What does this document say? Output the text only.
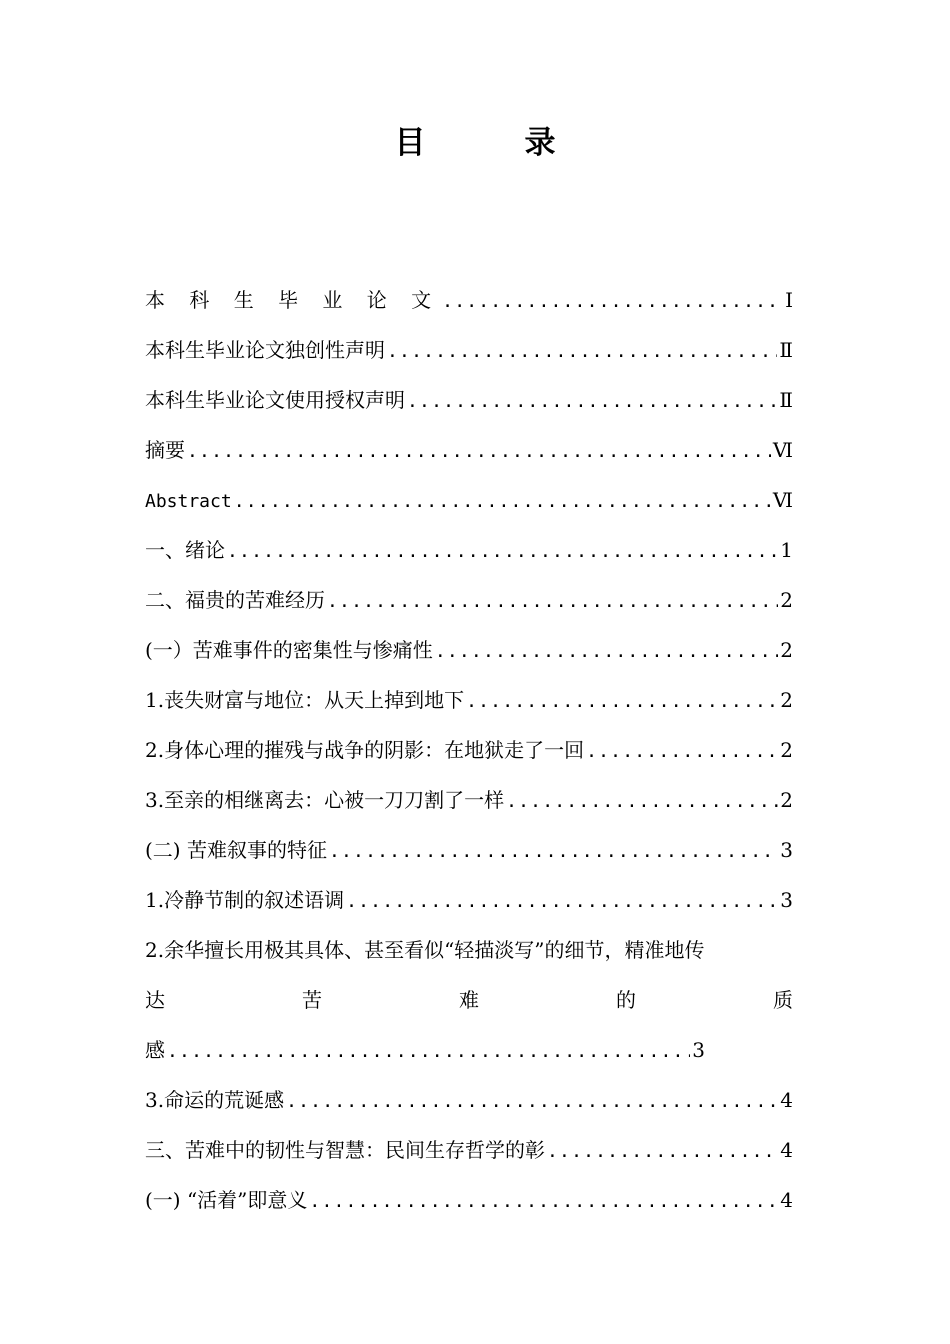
目　录
本 科 生 毕 业 论 文 .....	Ⅰ
本科生毕业论文独创性声明 .....	Ⅱ
本科生毕业论文使用授权声明 .....	Ⅱ
摘要 .....	Ⅵ
Abstract .....	Ⅵ
一、绪论 .....	1
二、福贵的苦难经历 .....	2
(一）苦难事件的密集性与惨痛性 .....	2
1.丧失财富与地位：从天上掉到地下 .....	2
2.身体心理的摧残与战争的阴影：在地狱走了一回 .....	2
3.至亲的相继离去：心被一刀刀割了一样 .....	2
(二) 苦难叙事的特征 .....	3
1.冷静节制的叙述语调 .....	3
2.余华擅长用极其具体、甚至看似“轻描淡写”的细节，精准地传
达	苦	难	的	质
感 .....	3
3.命运的荒诞感 .....	4
三、苦难中的韧性与智慧：民间生存哲学的彰 .....	4
(一) “活着”即意义 .....	4
